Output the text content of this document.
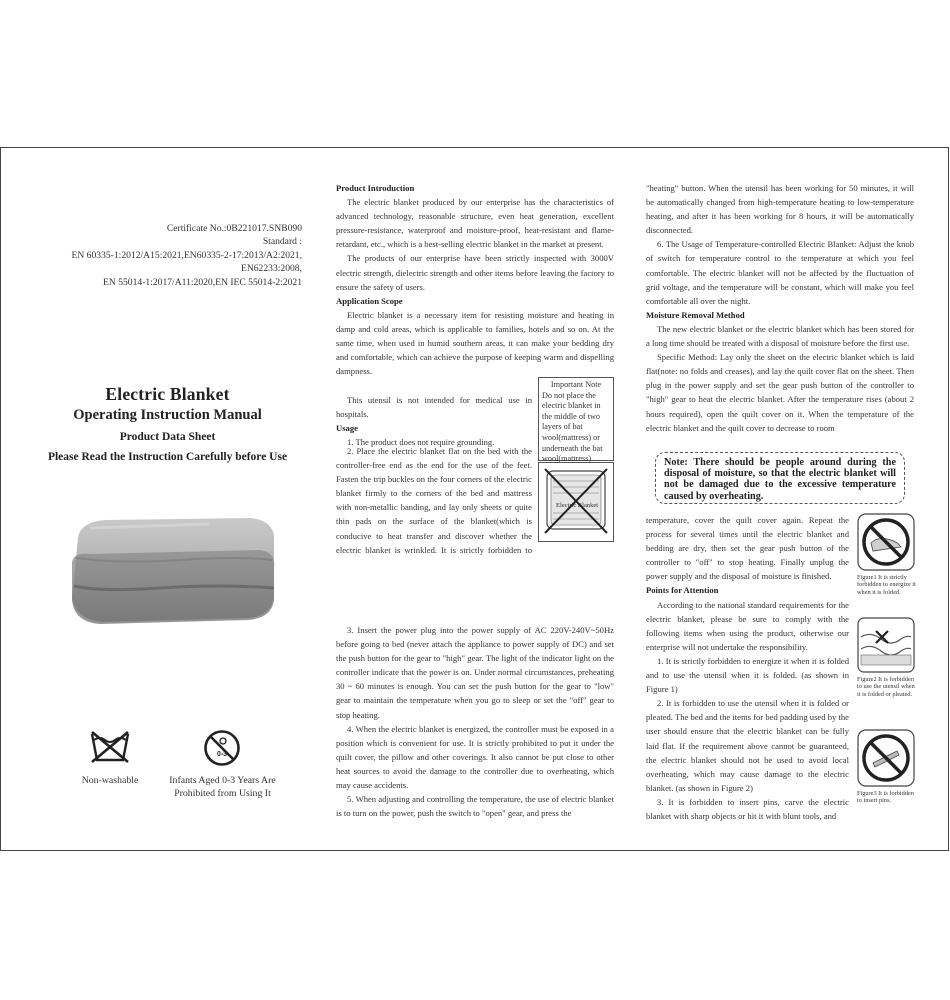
Certificate No.:0B221017.SNB090
Standard :
EN 60335-1:2012/A15:2021,EN60335-2-17:2013/A2:2021,
EN62233:2008,
EN 55014-1:2017/A11:2020,EN IEC 55014-2:2021
Electric Blanket
Operating Instruction Manual
Product Data Sheet
Please Read the Instruction Carefully before Use
Non-washable
0-3
Infants Aged 0-3 Years Are
Prohibited from Using It
Product Introduction

The electric blanket produced by our enterprise has the characteristics of advanced technology, reasonable structure, even heat generation, excellent pressure-resistance, waterproof and moisture-proof, heat-resistant and flame-retardant, etc., which is a best-selling electric blanket in the market at present.

The products of our enterprise have been strictly inspected with 3000V electric strength, dielectric strength and other items before leaving the factory to ensure the safety of users.

Application Scope

Electric blanket is a necessary item for resisting moisture and heating in damp and cold areas, which is applicable to families, hotels and so on. At the same time, when used in humid southern areas, it can make your bedding dry and comfortable, which can achieve the purpose of keeping warm and dispelling dampness.

This utensil is not intended for medical use in hospitals.

Usage

1. The product does not require grounding.

2. Place the electric blanket flat on the bed with the controller-free end as the end for the use of the feet. Fasten the trip buckles on the four corners of the electric blanket firmly to the corners of the bed and mattress with non-metallic banding, and lay only sheets or quite thin pads on the surface of the blanket(which is conducive to heat transfer and discover whether the electric blanket is wrinkled. It is strictly forbidden to

3. Insert the power plug into the power supply of AC 220V-240V~50Hz before going to bed (never attach the appliance to power supply of DC) and set the push button for the gear to "high" gear. The light of the indicator light on the controller indicate that the power is on. Under normal circumstances, preheating 30 ~ 60 minutes is enough. You can set the push button for the gear to "low" gear to maintain the temperature when you go to sleep or set the "off" gear to stop heating.

4. When the electric blanket is energized, the controller must be exposed in a position which is convenient for use. It is strictly prohibited to put it under the quilt cover, the pillow and other coverings. It also cannot be put close to other heat sources to avoid the damage to the controller due to overheating, which may cause accidents.

5. When adjusting and controlling the temperature, the use of electric blanket is to turn on the power, push the switch to "open" gear, and press the

Important Note
Do not place the electric blanket in the middle of two layers of bat wool(mattress) or underneath the bat wool(mattress).
Electric Blanket

"heating" button. When the utensil has been working for 50 minutes, it will be automatically changed from high-temperature heating to low-temperature heating, and after it has been working for 8 hours, it will be automatically disconnected.

6. The Usage of Temperature-controlled Electric Blanket: Adjust the knob of switch for temperature control to the temperature at which you feel comfortable. The electric blanket will not be affected by the fluctuation of grid voltage, and the temperature will be constant, which will make you feel comfortable all over the night.

Moisture Removal Method

The new electric blanket or the electric blanket which has been stored for a long time should be treated with a disposal of moisture before the first use.

Specific Method: Lay only the sheet on the electric blanket which is laid flat(note: no folds and creases), and lay the quilt cover flat on the sheet. Then plug in the power supply and set the gear push button of the controller to "high" gear to heat the electric blanket. After the temperature rises (about 2 hours required), open the quilt cover on it. When the temperature of the electric blanket and the quilt cover to decrease to room

Note: There should be people around during the disposal of moisture, so that the electric blanket will not be damaged due to the excessive temperature caused by overheating.

temperature, cover the quilt cover again. Repeat the process for several times until the electric blanket and bedding are dry, then set the gear push button of the controller to "off" to stop heating. Finally unplug the power supply and the disposal of moisture is finished.

Points for Attention

According to the national standard requirements for the electric blanket, please be sure to comply with the following items when using the product, otherwise our enterprise will not undertake the responsibility.

1. It is strictly forbidden to energize it when it is folded and to use the utensil when it is folded. (as shown in Figure 1)

2. It is forbidden to use the utensil when it is folded or pleated. The bed and the items for bed padding used by the user should ensure that the electric blanket can be fully laid flat. If the requirement above cannot be guaranteed, the electric blanket should not be used to avoid local overheating, which may cause damage to the electric blanket. (as shown in Figure 2)

3. It is forbidden to insert pins, carve the electric blanket with sharp objects or hit it with blunt tools, and

Figure1 It is strictly forbidden to energize it when it is folded.
Figure2 It is forbidden to use the utensil when it is folded or pleated.
Figure3 It is forbidden to insert pins.
